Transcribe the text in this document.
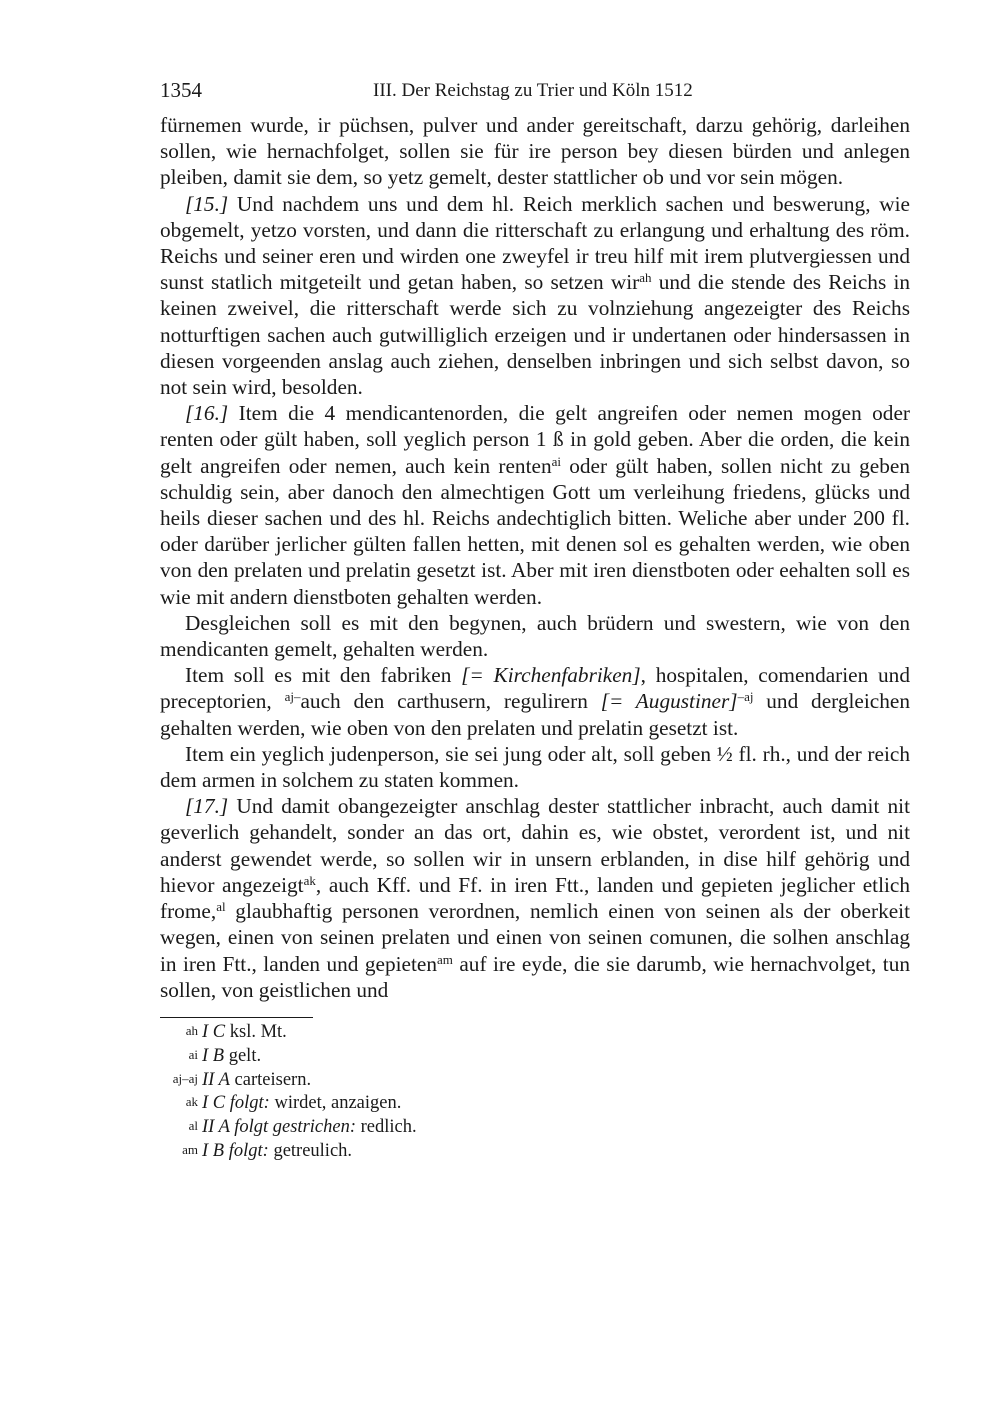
1354	III. Der Reichstag zu Trier und Köln 1512

fürnemen wurde, ir püchsen, pulver und ander gereitschaft, darzu gehörig, darleihen sollen, wie hernachfolget, sollen sie für ire person bey diesen bürden und anlegen pleiben, damit sie dem, so yetz gemelt, dester stattlicher ob und vor sein mögen.

[15.] Und nachdem uns und dem hl. Reich merklich sachen und beswerung, wie obgemelt, yetzo vorsten, und dann die ritterschaft zu erlangung und erhaltung des röm. Reichs und seiner eren und wirden one zweyfel ir treu hilf mit irem plutvergiessen und sunst statlich mitgeteilt und getan haben, so setzen wir$^{ah}$ und die stende des Reichs in keinen zweivel, die ritterschaft werde sich zu volnziehung angezeigter des Reichs notturftigen sachen auch gutwilliglich erzeigen und ir undertanen oder hindersassen in diesen vorgeenden anslag auch ziehen, denselben inbringen und sich selbst davon, so not sein wird, besolden.

[16.] Item die 4 mendicantenorden, die gelt angreifen oder nemen mogen oder renten oder gült haben, soll yeglich person 1 ß in gold geben. Aber die orden, die kein gelt angreifen oder nemen, auch kein renten$^{ai}$ oder gült haben, sollen nicht zu geben schuldig sein, aber danoch den almechtigen Gott um verleihung friedens, glücks und heils dieser sachen und des hl. Reichs andechtiglich bitten. Weliche aber under 200 fl. oder darüber jerlicher gülten fallen hetten, mit denen sol es gehalten werden, wie oben von den prelaten und prelatin gesetzt ist. Aber mit iren dienstboten oder eehalten soll es wie mit andern dienstboten gehalten werden.

Desgleichen soll es mit den begynen, auch brüdern und swestern, wie von den mendicanten gemelt, gehalten werden.

Item soll es mit den fabriken [= Kirchenfabriken], hospitalen, comendarien und preceptorien, $^{aj-}$auch den carthusern, regulirern [= Augustiner]$^{-aj}$ und dergleichen gehalten werden, wie oben von den prelaten und prelatin gesetzt ist.

Item ein yeglich judenperson, sie sei jung oder alt, soll geben ½ fl. rh., und der reich dem armen in solchem zu staten kommen.

[17.] Und damit obangezeigter anschlag dester stattlicher inbracht, auch damit nit geverlich gehandelt, sonder an das ort, dahin es, wie obstet, verordent ist, und nit anderst gewendet werde, so sollen wir in unsern erblanden, in dise hilf gehörig und hievor angezeigt$^{ak}$, auch Kff. und Ff. in iren Ftt., landen und gepieten jeglicher etlich frome,$^{al}$ glaubhaftig personen verordnen, nemlich einen von seinen als der oberkeit wegen, einen von seinen prelaten und einen von seinen comunen, die solhen anschlag in iren Ftt., landen und gepieten$^{am}$ auf ire eyde, die sie darumb, wie hernachvolget, tun sollen, von geistlichen und

ah I C ksl. Mt.
ai I B gelt.
aj–aj II A carteisern.
ak I C folgt: wirdet, anzaigen.
al II A folgt gestrichen: redlich.
am I B folgt: getreulich.
